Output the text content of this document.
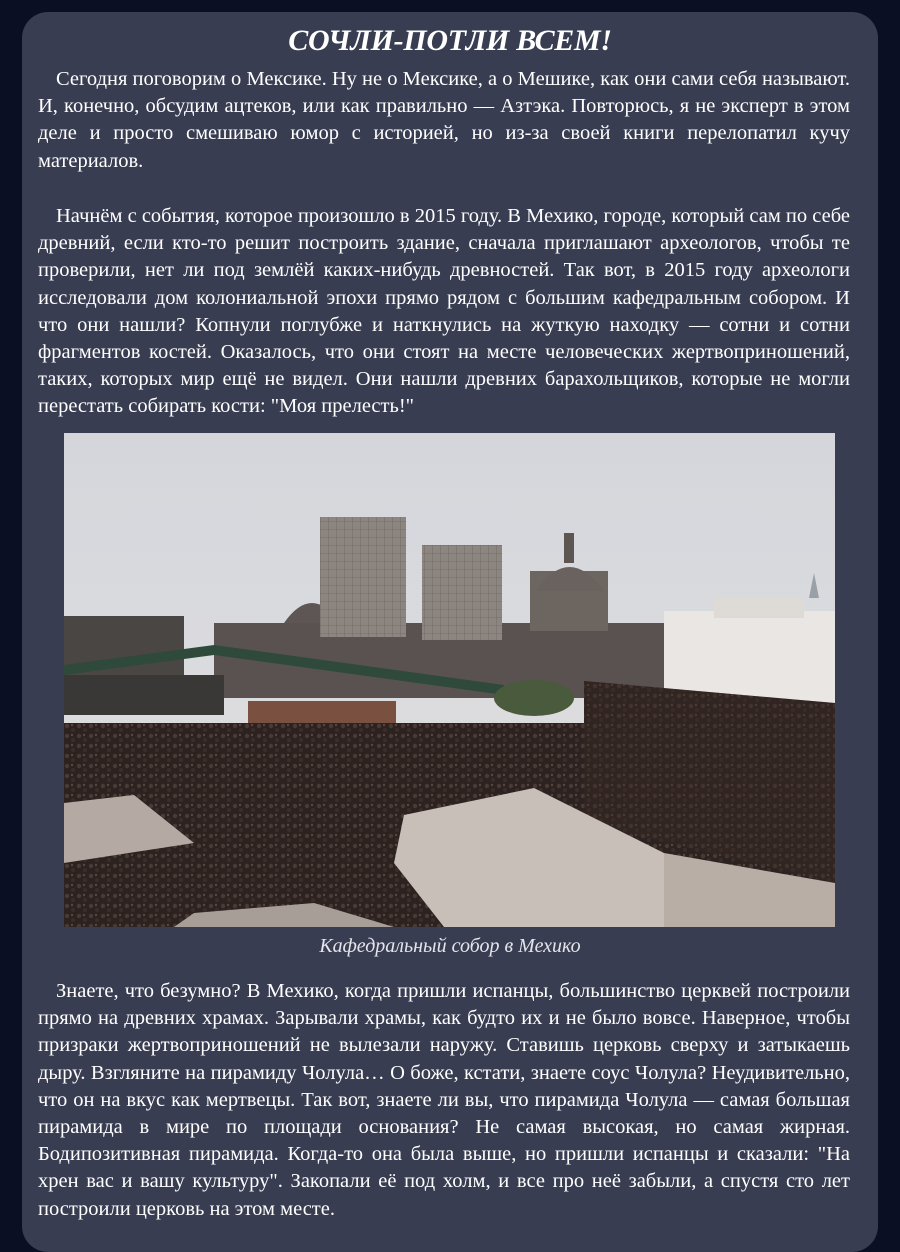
СОЧЛИ-ПОТЛИ ВСЕМ!

Сегодня поговорим о Мексике. Ну не о Мексике, а о Мешике, как они сами себя называют. И, конечно, обсудим ацтеков, или как правильно — Азтэка. Повторюсь, я не эксперт в этом деле и просто смешиваю юмор с историей, но из-за своей книги перелопатил кучу материалов.

Начнём с события, которое произошло в 2015 году. В Мехико, городе, который сам по себе древний, если кто-то решит построить здание, сначала приглашают археологов, чтобы те проверили, нет ли под землёй каких-нибудь древностей. Так вот, в 2015 году археологи исследовали дом колониальной эпохи прямо рядом с большим кафедральным собором. И что они нашли? Копнули поглубже и наткнулись на жуткую находку — сотни и сотни фрагментов костей. Оказалось, что они стоят на месте человеческих жертвоприношений, таких, которых мир ещё не видел. Они нашли древних барахольщиков, которые не могли перестать собирать кости: "Моя прелесть!"

Кафедральный собор в Мехико

Знаете, что безумно? В Мехико, когда пришли испанцы, большинство церквей построили прямо на древних храмах. Зарывали храмы, как будто их и не было вовсе. Наверное, чтобы призраки жертвоприношений не вылезали наружу. Ставишь церковь сверху и затыкаешь дыру. Взгляните на пирамиду Чолула… О боже, кстати, знаете соус Чолула? Неудивительно, что он на вкус как мертвецы. Так вот, знаете ли вы, что пирамида Чолула — самая большая пирамида в мире по площади основания? Не самая высокая, но самая жирная. Бодипозитивная пирамида. Когда-то она была выше, но пришли испанцы и сказали: "На хрен вас и вашу культуру". Закопали её под холм, и все про неё забыли, а спустя сто лет построили церковь на этом месте.
